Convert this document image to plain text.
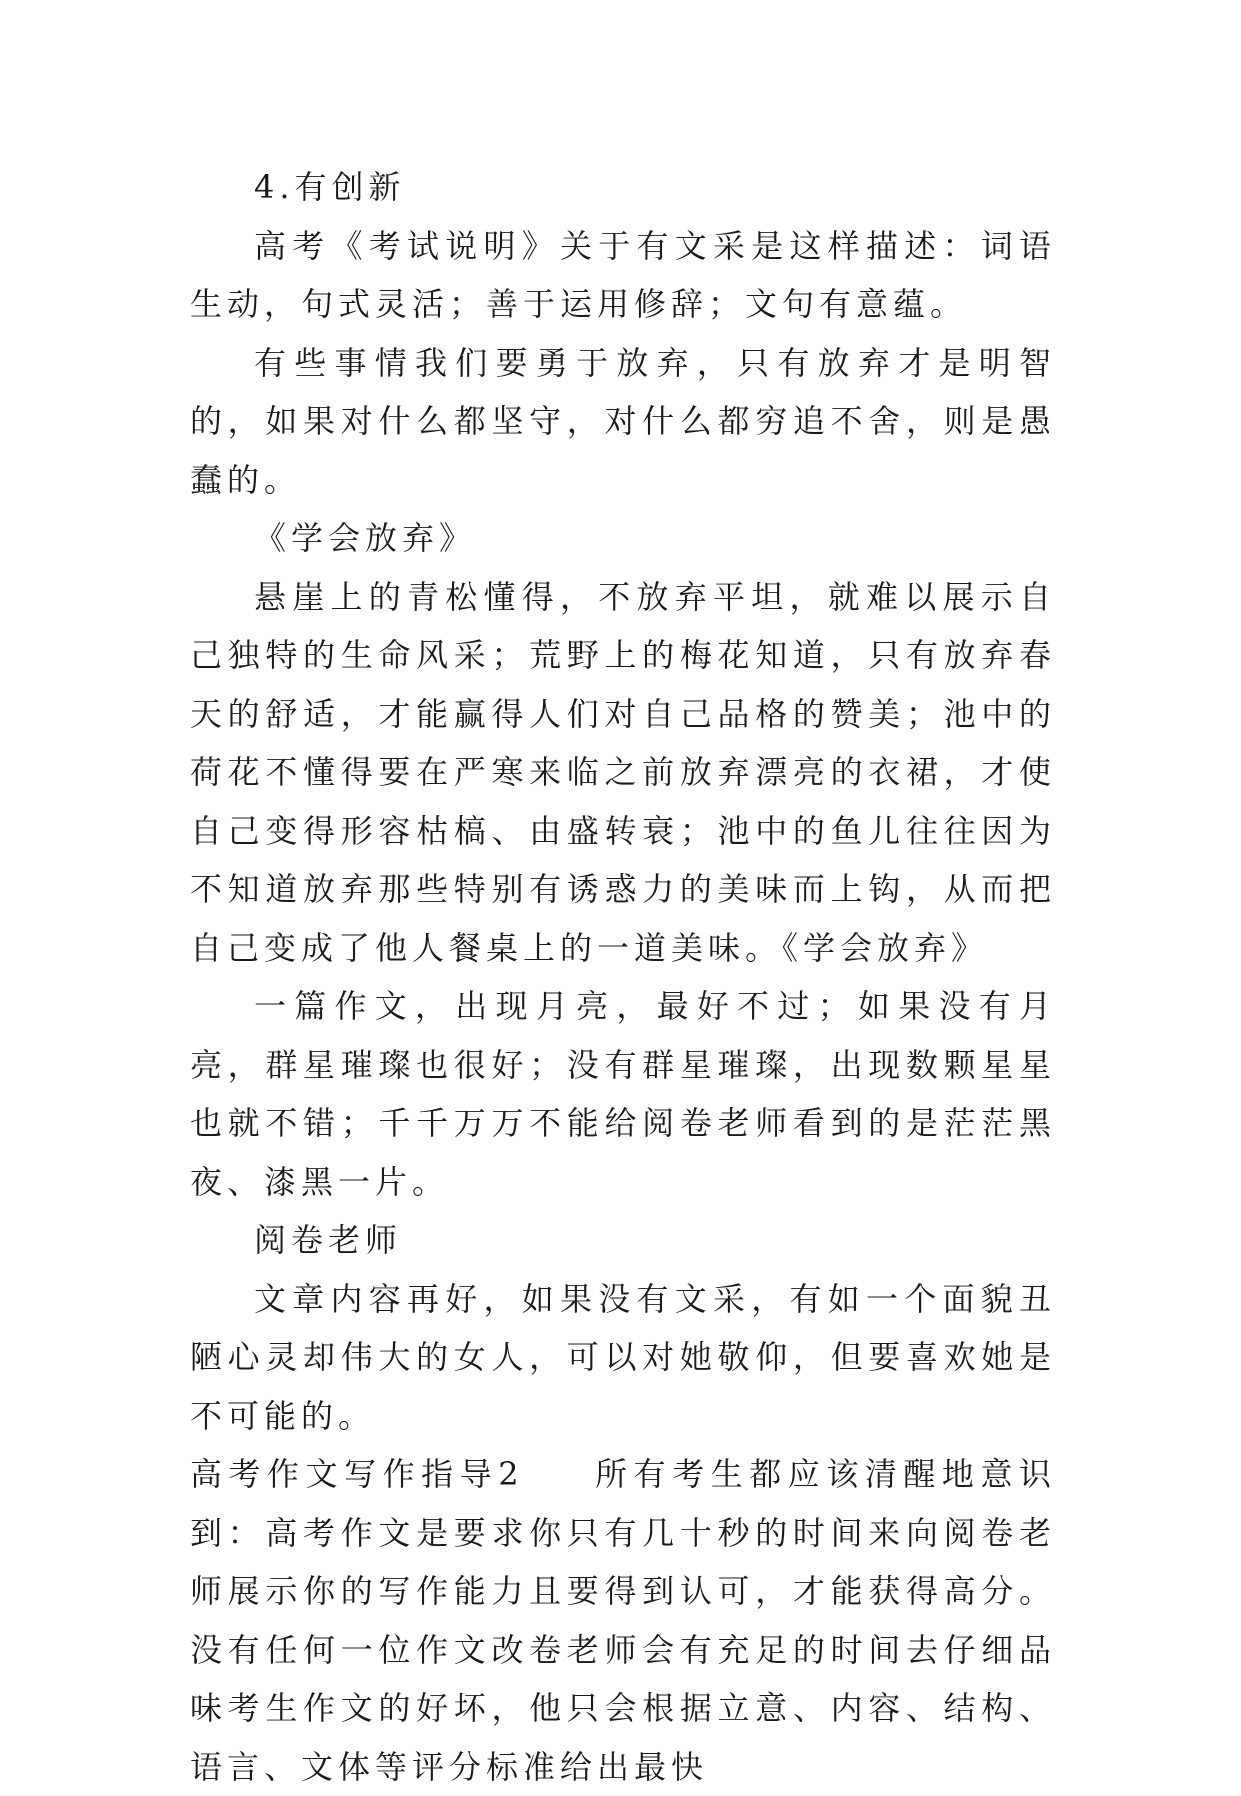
4.有创新

高考《考试说明》关于有文采是这样描述：词语生动，句式灵活；善于运用修辞；文句有意蕴。

有些事情我们要勇于放弃，只有放弃才是明智的，如果对什么都坚守，对什么都穷追不舍，则是愚蠢的。

《学会放弃》

悬崖上的青松懂得，不放弃平坦，就难以展示自己独特的生命风采；荒野上的梅花知道，只有放弃春天的舒适，才能赢得人们对自己品格的赞美；池中的荷花不懂得要在严寒来临之前放弃漂亮的衣裙，才使自己变得形容枯槁、由盛转衰；池中的鱼儿往往因为不知道放弃那些特别有诱惑力的美味而上钩，从而把自己变成了他人餐桌上的一道美味。《学会放弃》

一篇作文，出现月亮，最好不过；如果没有月亮，群星璀璨也很好；没有群星璀璨，出现数颗星星也就不错；千千万万不能给阅卷老师看到的是茫茫黑夜、漆黑一片。

阅卷老师

文章内容再好，如果没有文采，有如一个面貌丑陋心灵却伟大的女人，可以对她敬仰，但要喜欢她是不可能的。

高考作文写作指导2 所有考生都应该清醒地意识到：高考作文是要求你只有几十秒的时间来向阅卷老师展示你的写作能力且要得到认可，才能获得高分。没有任何一位作文改卷老师会有充足的时间去仔细品味考生作文的好坏，他只会根据立意、内容、结构、语言、文体等评分标准给出最快
